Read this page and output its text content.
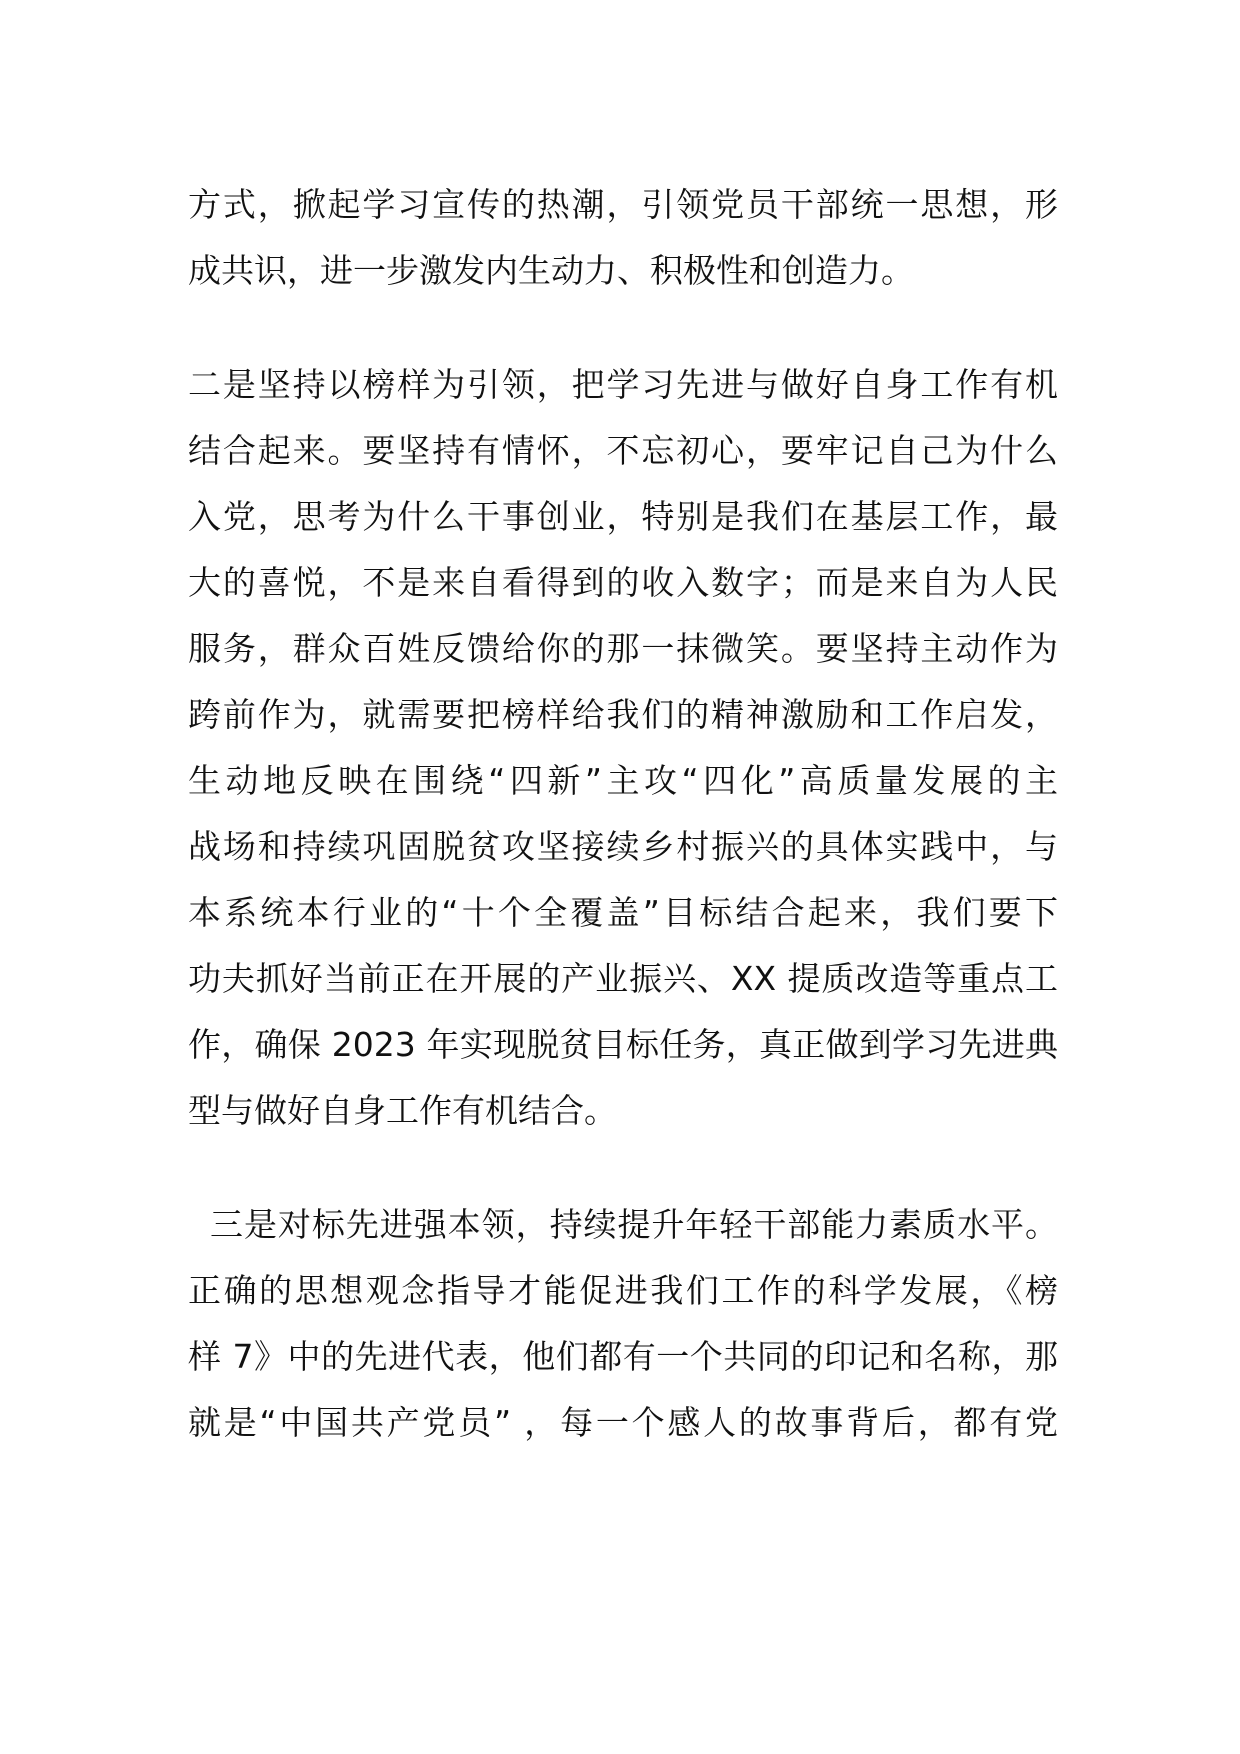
方式，掀起学习宣传的热潮，引领党员干部统一思想，形
成共识，进一步激发内生动力、积极性和创造力。
二是坚持以榜样为引领，把学习先进与做好自身工作有机
结合起来。要坚持有情怀，不忘初心，要牢记自己为什么
入党，思考为什么干事创业，特别是我们在基层工作，最
大的喜悦，不是来自看得到的收入数字；而是来自为人民
服务，群众百姓反馈给你的那一抹微笑。要坚持主动作为
跨前作为，就需要把榜样给我们的精神激励和工作启发，
生动地反映在围绕“四新”主攻“四化”高质量发展的主
战场和持续巩固脱贫攻坚接续乡村振兴的具体实践中，与
本系统本行业的“十个全覆盖”目标结合起来，我们要下
功夫抓好当前正在开展的产业振兴、XX 提质改造等重点工
作，确保 2023 年实现脱贫目标任务，真正做到学习先进典
型与做好自身工作有机结合。
三是对标先进强本领，持续提升年轻干部能力素质水平。
正确的思想观念指导才能促进我们工作的科学发展，《榜
样 7》中的先进代表，他们都有一个共同的印记和名称，那
就是“中国共产党员” ，每一个感人的故事背后，都有党
